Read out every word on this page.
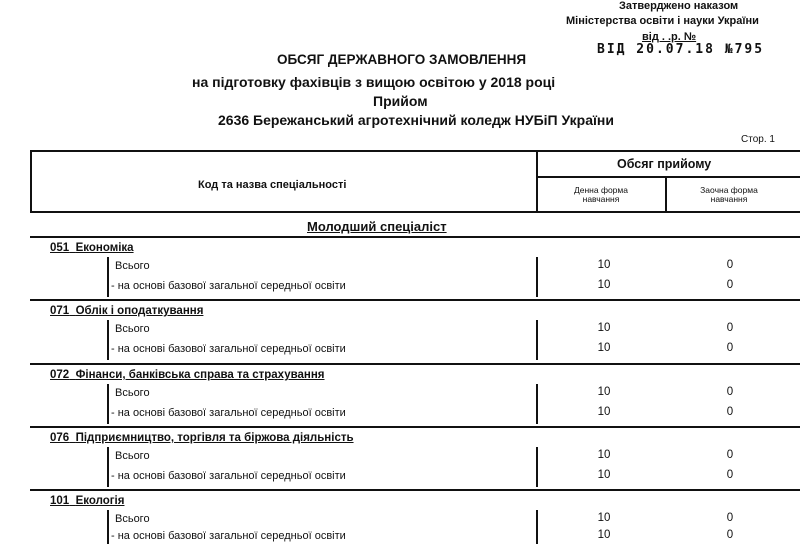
Затверджено наказом
Міністерства освіти і науки України
від . .р. №
ВІД 20.07.18 №795
ОБСЯГ ДЕРЖАВНОГО ЗАМОВЛЕННЯ
на підготовку фахівців з вищою освітою у 2018 році
Прийом
2636 Бережанський агротехнічний коледж НУБіП України
Стор. 1
Код та назва спеціальності
Обсяг прийому
Денна форма навчання
Заочна форма навчання
Молодший спеціаліст
051 Економіка
Всього	10	0
- на основі базової загальної середньої освіти	10	0
071 Облік і оподаткування
Всього	10	0
- на основі базової загальної середньої освіти	10	0
072 Фінанси, банківська справа та страхування
Всього	10	0
- на основі базової загальної середньої освіти	10	0
076 Підприємництво, торгівля та біржова діяльність
Всього	10	0
- на основі базової загальної середньої освіти	10	0
101 Екологія
Всього	10	0
- на основі базової загальної середньої освіти	10	0
